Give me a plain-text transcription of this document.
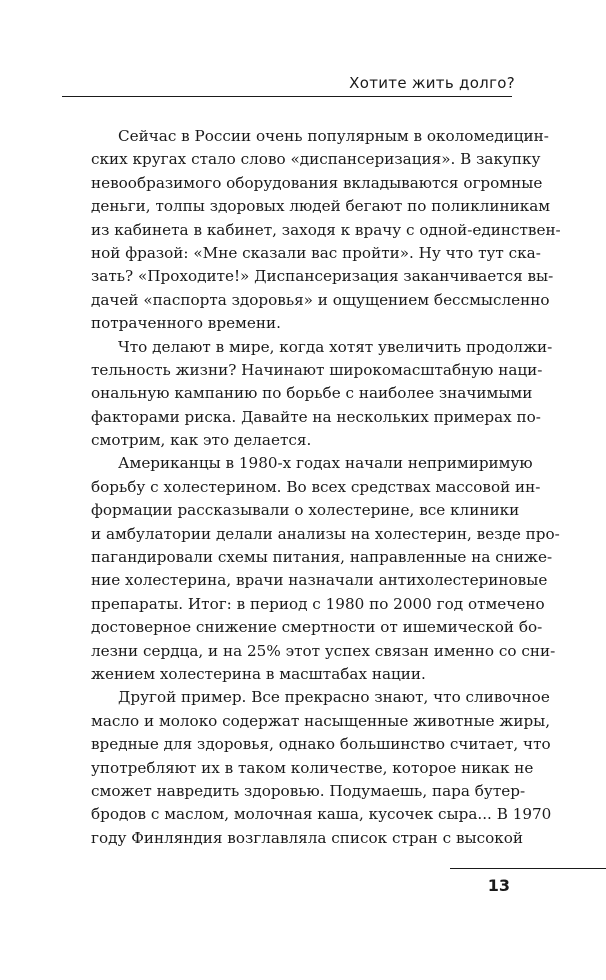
Хотите жить долго?
Сейчас в России очень популярным в околомедицин-
ских кругах стало слово «диспансеризация». В закупку
невообразимого оборудования вкладываются огромные
деньги, толпы здоровых людей бегают по поликлиникам
из кабинета в кабинет, заходя к врачу с одной-единствен-
ной фразой: «Мне сказали вас пройти». Ну что тут ска-
зать? «Проходите!» Диспансеризация заканчивается вы-
дачей «паспорта здоровья» и ощущением бессмысленно
потраченного времени.
Что делают в мире, когда хотят увеличить продолжи-
тельность жизни? Начинают широкомасштабную наци-
ональную кампанию по борьбе с наиболее значимыми
факторами риска. Давайте на нескольких примерах по-
смотрим, как это делается.
Американцы в 1980-х годах начали непримиримую
борьбу с холестерином. Во всех средствах массовой ин-
формации рассказывали о холестерине, все клиники
и амбулатории делали анализы на холестерин, везде про-
пагандировали схемы питания, направленные на сниже-
ние холестерина, врачи назначали антихолестериновые
препараты. Итог: в период с 1980 по 2000 год отмечено
достоверное снижение смертности от ишемической бо-
лезни сердца, и на 25% этот успех связан именно со сни-
жением холестерина в масштабах нации.
Другой пример. Все прекрасно знают, что сливочное
масло и молоко содержат насыщенные животные жиры,
вредные для здоровья, однако большинство считает, что
употребляют их в таком количестве, которое никак не
сможет навредить здоровью. Подумаешь, пара бутер-
бродов с маслом, молочная каша, кусочек сыра... В 1970
году Финляндия возглавляла список стран с высокой
13
